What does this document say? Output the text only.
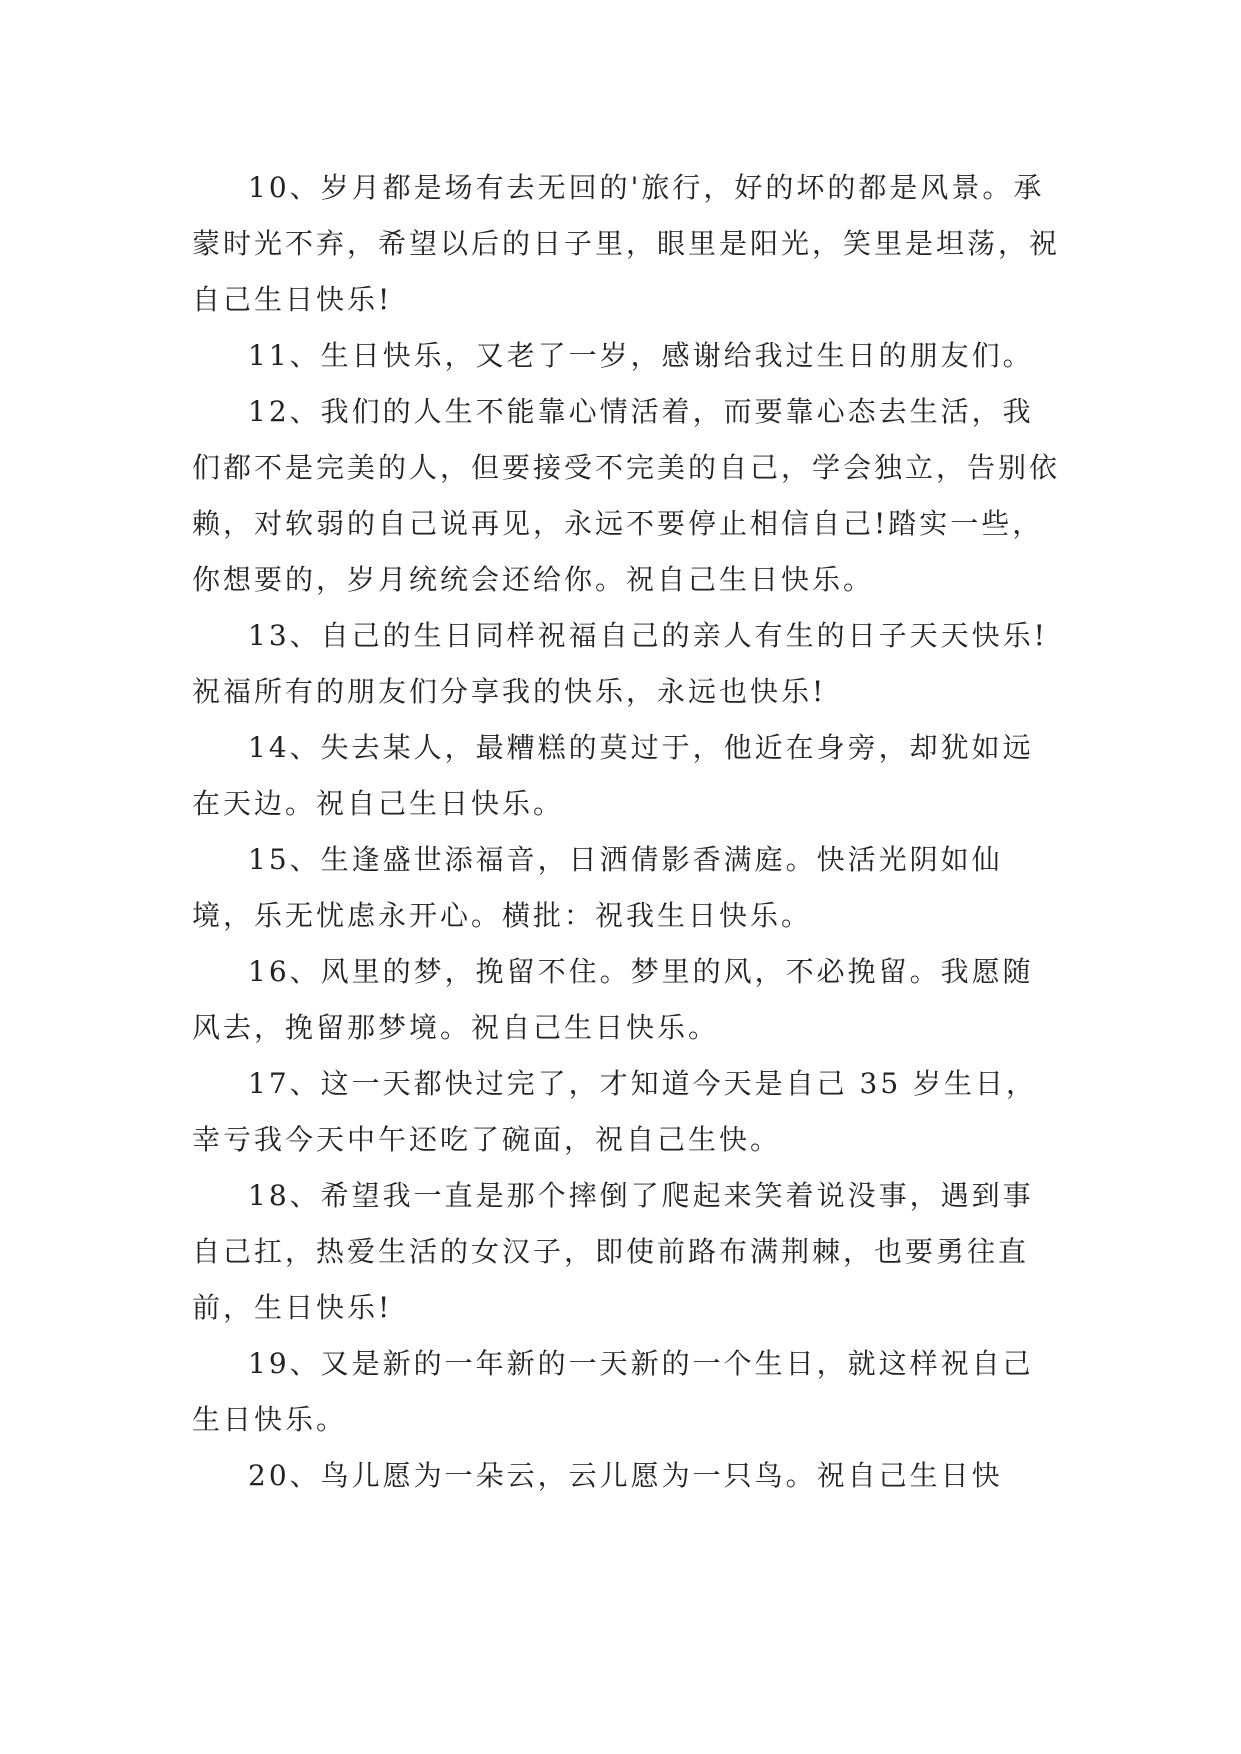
10、岁月都是场有去无回的'旅行，好的坏的都是风景。承蒙时光不弃，希望以后的日子里，眼里是阳光，笑里是坦荡，祝自己生日快乐!

11、生日快乐，又老了一岁，感谢给我过生日的朋友们。

12、我们的人生不能靠心情活着，而要靠心态去生活，我们都不是完美的人，但要接受不完美的自己，学会独立，告别依赖，对软弱的自己说再见，永远不要停止相信自己!踏实一些，你想要的，岁月统统会还给你。祝自己生日快乐。

13、自己的生日同样祝福自己的亲人有生的日子天天快乐!祝福所有的朋友们分享我的快乐，永远也快乐!

14、失去某人，最糟糕的莫过于，他近在身旁，却犹如远在天边。祝自己生日快乐。

15、生逢盛世添福音，日洒倩影香满庭。快活光阴如仙境，乐无忧虑永开心。横批：祝我生日快乐。

16、风里的梦，挽留不住。梦里的风，不必挽留。我愿随风去，挽留那梦境。祝自己生日快乐。

17、这一天都快过完了，才知道今天是自己 35 岁生日，幸亏我今天中午还吃了碗面，祝自己生快。

18、希望我一直是那个摔倒了爬起来笑着说没事，遇到事自己扛，热爱生活的女汉子，即使前路布满荆棘，也要勇往直前，生日快乐!

19、又是新的一年新的一天新的一个生日，就这样祝自己生日快乐。

20、鸟儿愿为一朵云，云儿愿为一只鸟。祝自己生日快
